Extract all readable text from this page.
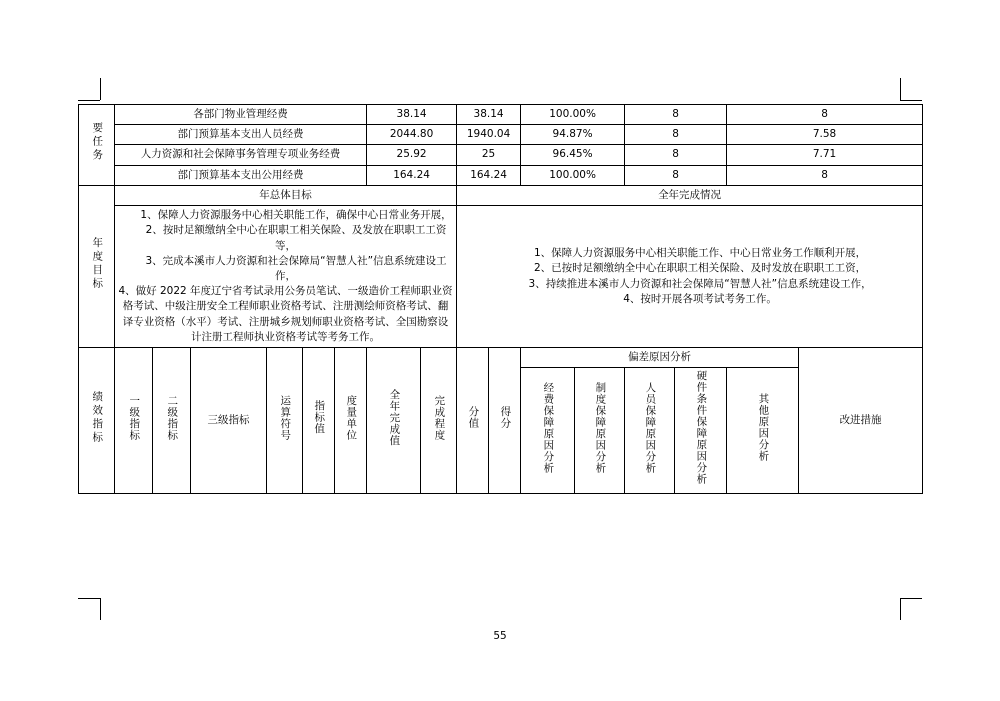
要任务	各部门物业管理经费						38.14		38.14		100.00%		8		8	
	部门预算基本支出人员经费						2044.80		1940.04		94.87%		8		7.58	
	人力资源和社会保障事务管理专项业务经费						25.92		25		96.45%		8		7.71	
	部门预算基本支出公用经费						164.24		164.24		100.00%		8		8	
年度目标	年总体目标								全年完成情况							

　　1、保障人力资源服务中心相关职能工作，确保中心日常业务开展，

　　2、按时足额缴纳全中心在职职工相关保险、及发放在职职工工资等，

　　3、完成本溪市人力资源和社会保障局“智慧人社”信息系统建设工作，

4、做好 2022 年度辽宁省考试录用公务员笔试、一级造价工程师职业资格考试、中级注册安全工程师职业资格考试、注册测绘师资格考试、翻译专业资格（水平）考试、注册城乡规划师职业资格考试、全国勘察设计注册工程师执业资格考试等考务工作。

　　1、保障人力资源服务中心相关职能工作、中心日常业务工作顺利开展，

　　2、已按时足额缴纳全中心在职职工相关保险、及时发放在职职工工资，

　　3、持续推进本溪市人力资源和社会保障局“智慧人社”信息系统建设工作，

　　4、按时开展各项考试考务工作。

绩效指标	一级指标	二级指标	三级指标	运算符号	指标值	度量单位	全年完成值	完成程度	分值	得分	偏差原因分析					改进措施
											经费保障原因分析	制度保障原因分析	人员保障原因分析	硬件条件保障原因分析	其他原因分析	
55
